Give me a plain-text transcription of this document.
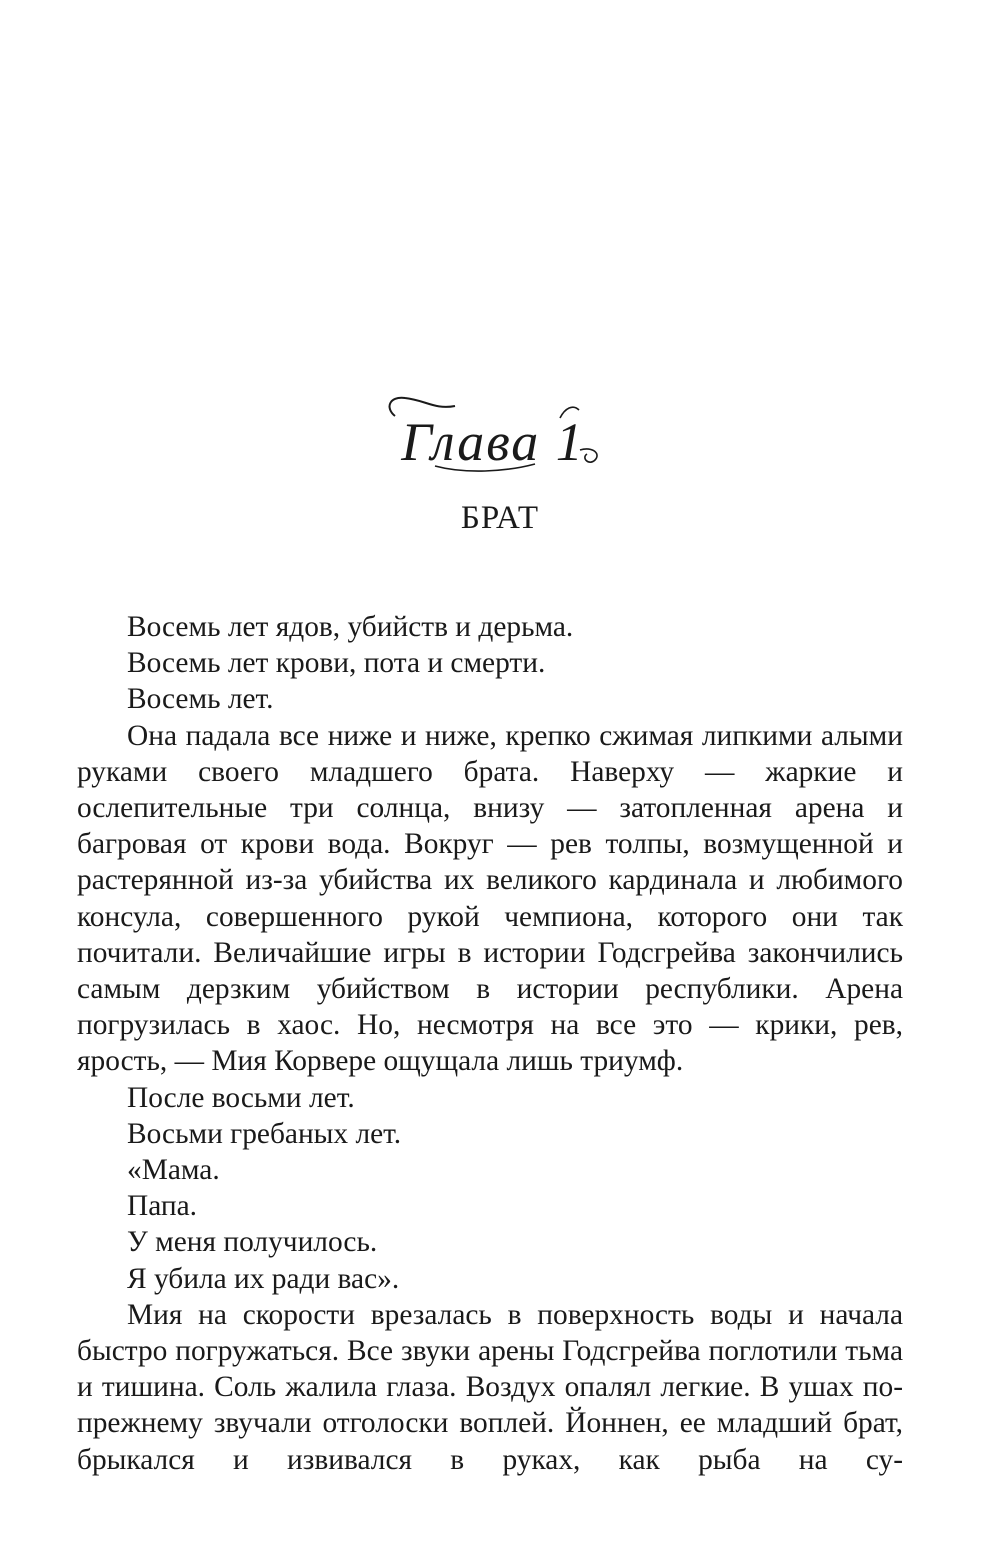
Глава 1
БРАТ

Восемь лет ядов, убийств и дерьма.

Восемь лет крови, пота и смерти.

Восемь лет.

Она падала все ниже и ниже, крепко сжимая липкими алыми руками своего младшего брата. Наверху — жаркие и ослепительные три солнца, внизу — затопленная арена и багровая от крови вода. Вокруг — рев толпы, возмущенной и растерянной из-за убийства их великого кардинала и любимого консула, совершенного рукой чемпиона, которого они так почитали. Величайшие игры в истории Годсгрейва закончились самым дерзким убийством в истории республики. Арена погрузилась в хаос. Но, несмотря на все это — крики, рев, ярость, — Мия Корвере ощущала лишь триумф.

После восьми лет.

Восьми гребаных лет.

«Мама.

Папа.

У меня получилось.

Я убила их ради вас».

Мия на скорости врезалась в поверхность воды и начала быстро погружаться. Все звуки арены Годсгрейва поглотили тьма и тишина. Соль жалила глаза. Воздух опалял легкие. В ушах по-прежнему звучали отголоски воплей. Йоннен, ее младший брат, брыкался и извивался в руках, как рыба на су-
